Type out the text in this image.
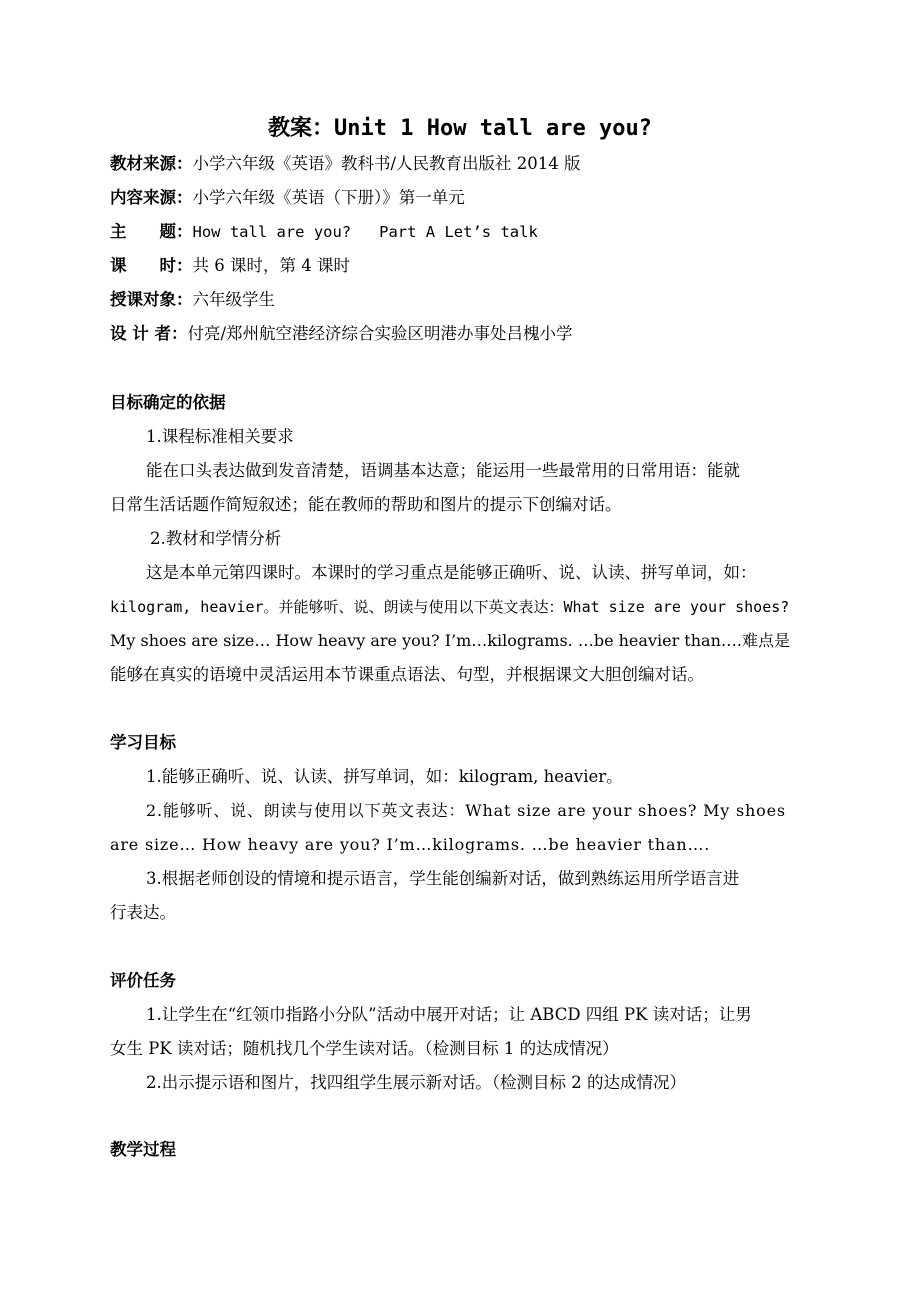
教案：Unit 1 How tall are you?
教材来源：小学六年级《英语》教科书/人民教育出版社 2014 版
内容来源：小学六年级《英语（下册）》第一单元
主　　题：How tall are you?   Part A Let’s talk
课　　时：共 6 课时，第 4 课时
授课对象：六年级学生
设 计 者：付亮/郑州航空港经济综合实验区明港办事处吕槐小学
目标确定的依据
1.课程标准相关要求
能在口头表达做到发音清楚，语调基本达意；能运用一些最常用的日常用语：能就
日常生活话题作简短叙述；能在教师的帮助和图片的提示下创编对话。
2.教材和学情分析
这是本单元第四课时。本课时的学习重点是能够正确听、说、认读、拼写单词，如：
kilogram, heavier。并能够听、说、朗读与使用以下英文表达：What size are your shoes?
My shoes are size… How heavy are you? I’m…kilograms. …be heavier than….难点是
能够在真实的语境中灵活运用本节课重点语法、句型，并根据课文大胆创编对话。
学习目标
1.能够正确听、说、认读、拼写单词，如：kilogram, heavier。
2.能够听、说、朗读与使用以下英文表达：What size are your shoes? My shoes
are size… How heavy are you? I’m…kilograms. …be heavier than….
3.根据老师创设的情境和提示语言，学生能创编新对话，做到熟练运用所学语言进
行表达。
评价任务
1.让学生在“红领巾指路小分队”活动中展开对话；让 ABCD 四组 PK 读对话；让男
女生 PK 读对话；随机找几个学生读对话。（检测目标 1 的达成情况）
2.出示提示语和图片，找四组学生展示新对话。（检测目标 2 的达成情况）
教学过程
